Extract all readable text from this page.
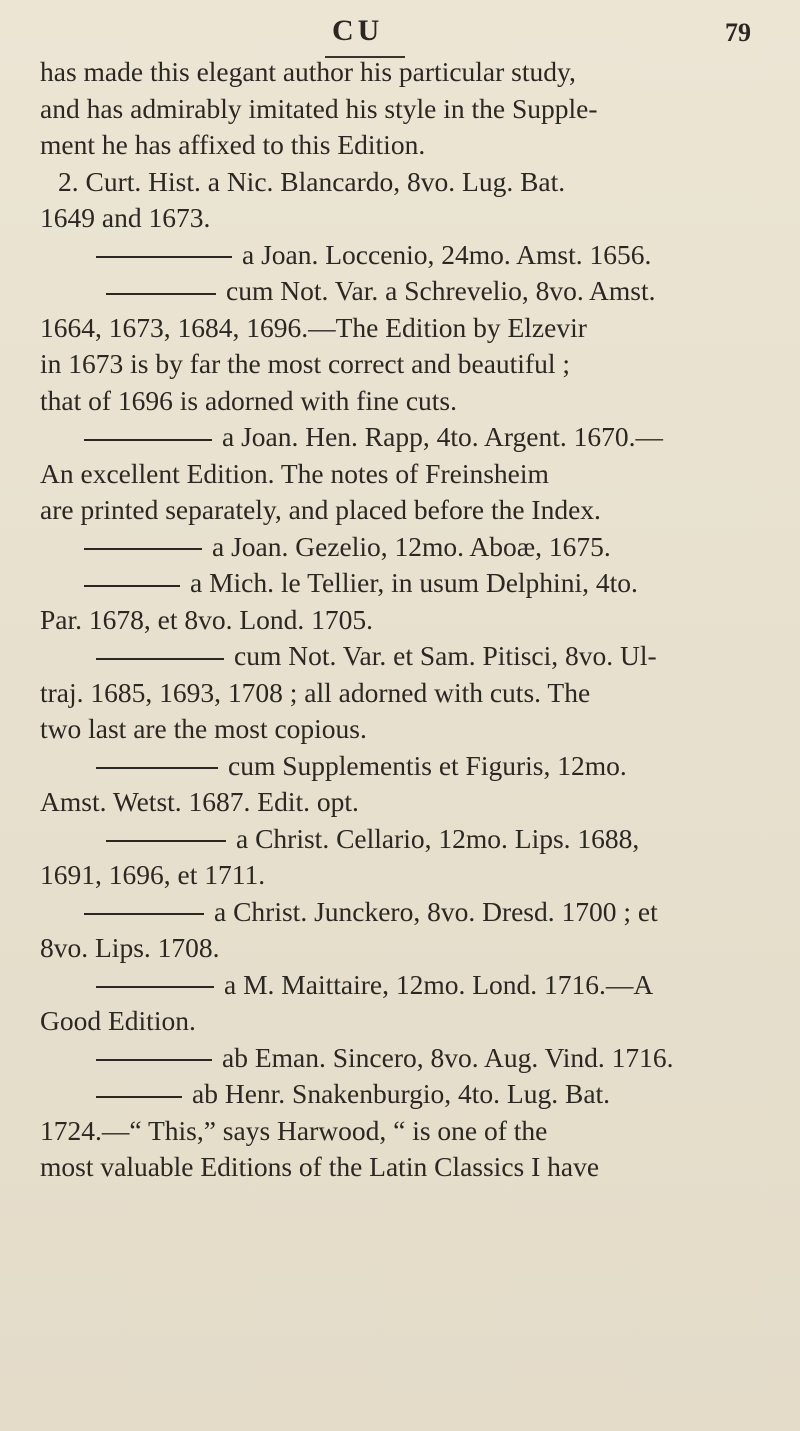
CU	79
has made this elegant author his particular study,
and has admirably imitated his style in the Supple-
ment he has affixed to this Edition.
2. Curt. Hist. a Nic. Blancardo, 8vo. Lug. Bat.
1649 and 1673.
a Joan. Loccenio, 24mo. Amst. 1656.
cum Not. Var. a Schrevelio, 8vo. Amst.
1664, 1673, 1684, 1696.—The Edition by Elzevir
in 1673 is by far the most correct and beautiful ;
that of 1696 is adorned with fine cuts.
a Joan. Hen. Rapp, 4to. Argent. 1670.—
An excellent Edition. The notes of Freinsheim
are printed separately, and placed before the Index.
a Joan. Gezelio, 12mo. Aboæ, 1675.
a Mich. le Tellier, in usum Delphini, 4to.
Par. 1678, et 8vo. Lond. 1705.
cum Not. Var. et Sam. Pitisci, 8vo. Ul-
traj. 1685, 1693, 1708 ; all adorned with cuts. The
two last are the most copious.
cum Supplementis et Figuris, 12mo.
Amst. Wetst. 1687. Edit. opt.
a Christ. Cellario, 12mo. Lips. 1688,
1691, 1696, et 1711.
a Christ. Junckero, 8vo. Dresd. 1700 ; et
8vo. Lips. 1708.
a M. Maittaire, 12mo. Lond. 1716.—A
Good Edition.
ab Eman. Sincero, 8vo. Aug. Vind. 1716.
ab Henr. Snakenburgio, 4to. Lug. Bat.
1724.—“ This,” says Harwood, “ is one of the
most valuable Editions of the Latin Classics I have
